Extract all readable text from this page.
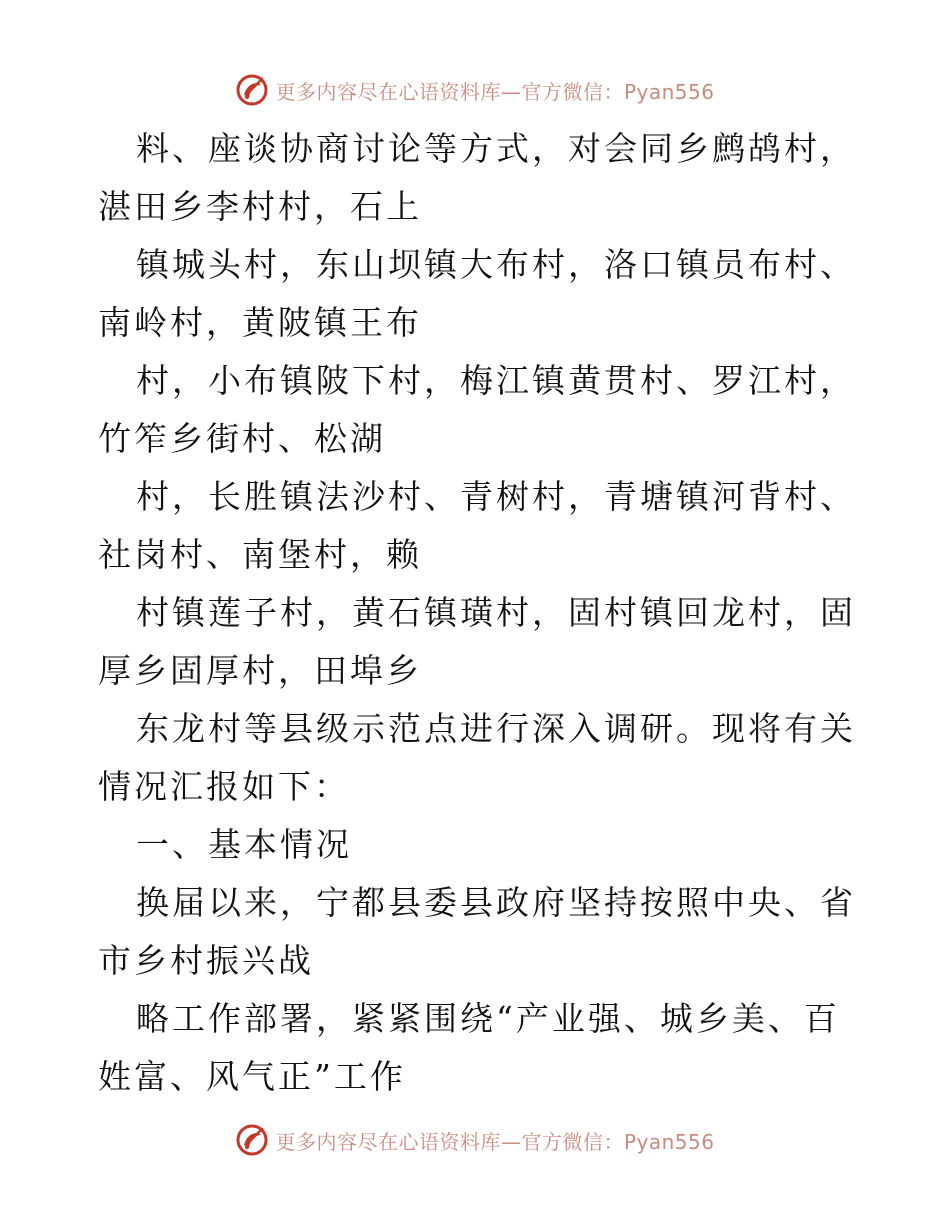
更多内容尽在心语资料库—官方微信：Pyan556

料、座谈协商讨论等方式，对会同乡鹧鸪村，湛田乡李村村，石上

镇城头村，东山坝镇大布村，洛口镇员布村、南岭村，黄陂镇王布

村，小布镇陂下村，梅江镇黄贯村、罗江村，竹笮乡街村、松湖

村，长胜镇法沙村、青树村，青塘镇河背村、社岗村、南堡村，赖

村镇莲子村，黄石镇璜村，固村镇回龙村，固厚乡固厚村，田埠乡

东龙村等县级示范点进行深入调研。现将有关情况汇报如下：

一、基本情况

换届以来，宁都县委县政府坚持按照中央、省市乡村振兴战

略工作部署，紧紧围绕“产业强、城乡美、百姓富、风气正”工作

更多内容尽在心语资料库—官方微信：Pyan556
